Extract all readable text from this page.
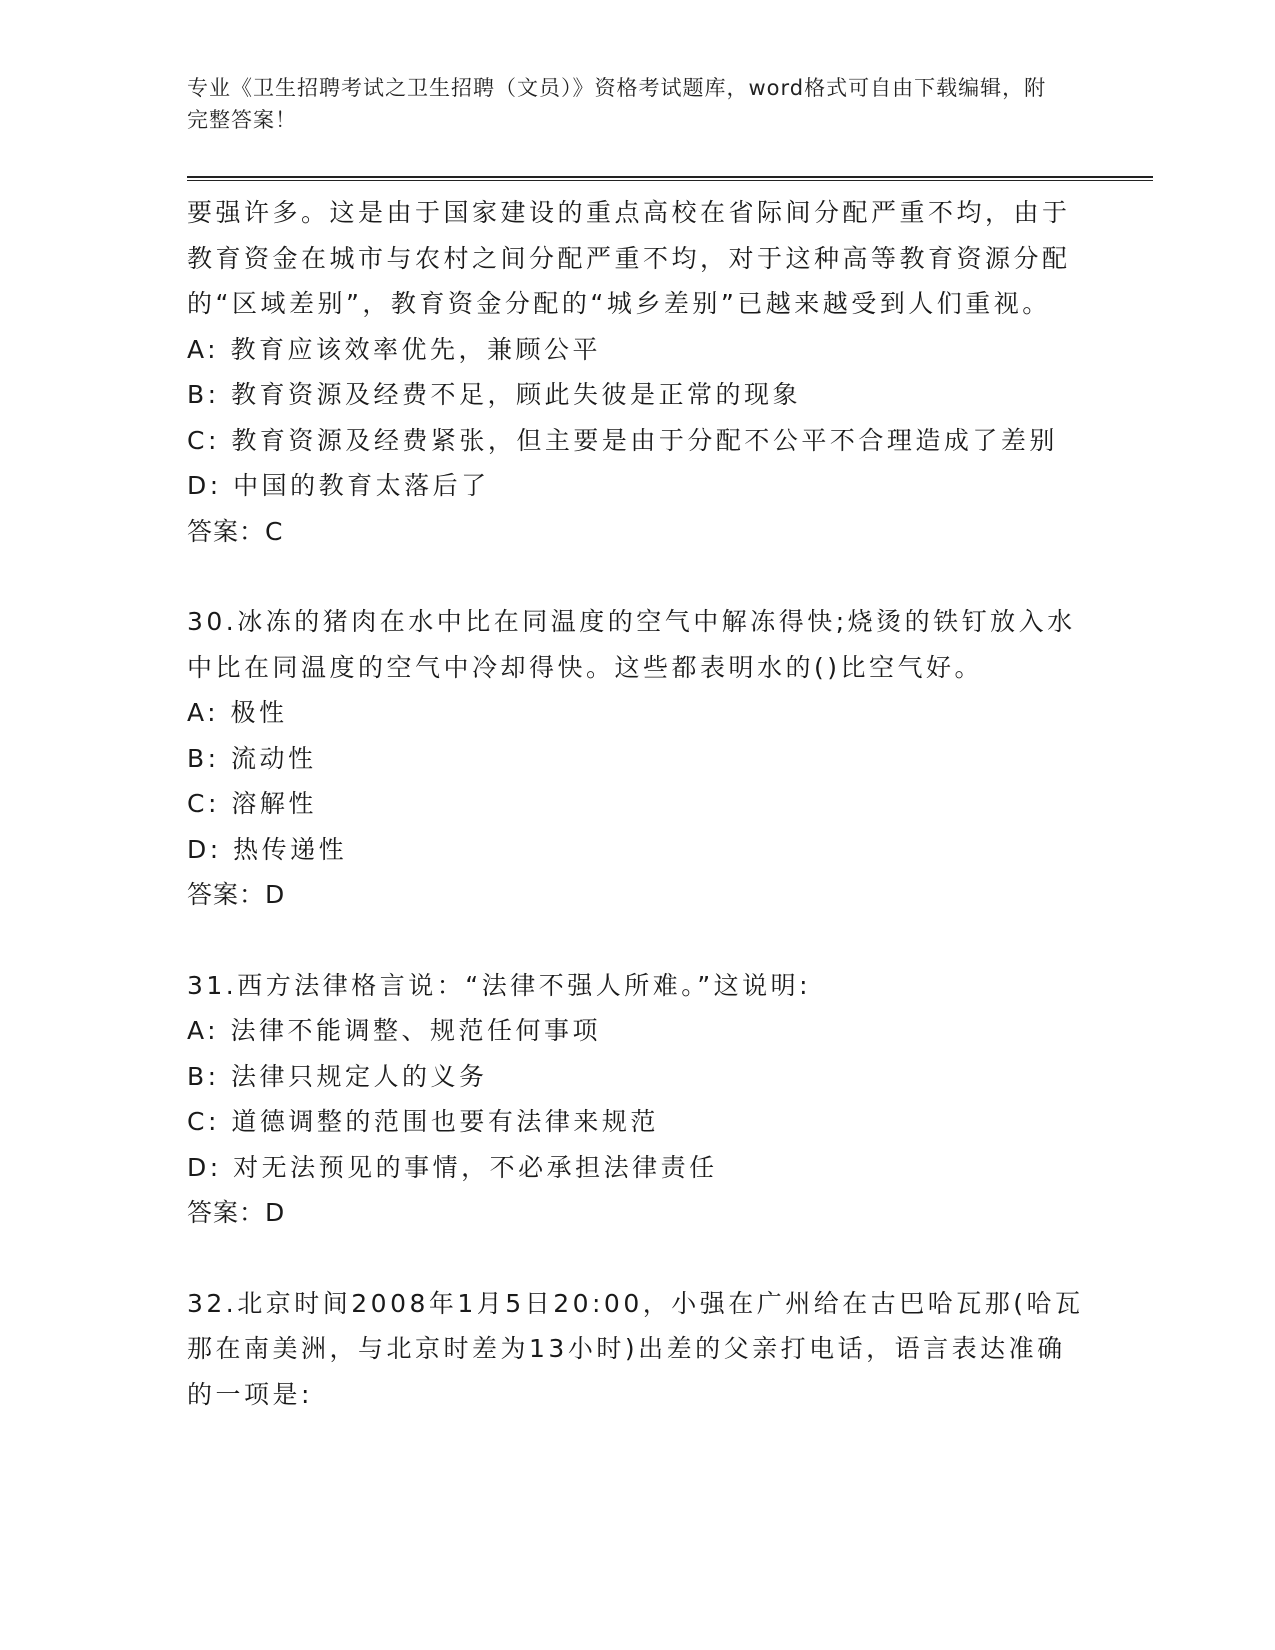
专业《卫生招聘考试之卫生招聘（文员）》资格考试题库，word格式可自由下载编辑，附完整答案！

要强许多。这是由于国家建设的重点高校在省际间分配严重不均，由于教育资金在城市与农村之间分配严重不均，对于这种高等教育资源分配的“区域差别”，教育资金分配的“城乡差别”已越来越受到人们重视。

A: 教育应该效率优先，兼顾公平
B: 教育资源及经费不足，顾此失彼是正常的现象
C: 教育资源及经费紧张，但主要是由于分配不公平不合理造成了差别
D: 中国的教育太落后了

答案：C

30.冰冻的猪肉在水中比在同温度的空气中解冻得快;烧烫的铁钉放入水中比在同温度的空气中冷却得快。这些都表明水的()比空气好。

A: 极性
B: 流动性
C: 溶解性
D: 热传递性

答案：D

31.西方法律格言说：“法律不强人所难。”这说明:

A: 法律不能调整、规范任何事项
B: 法律只规定人的义务
C: 道德调整的范围也要有法律来规范
D: 对无法预见的事情，不必承担法律责任

答案：D

32.北京时间2008年1月5日20:00，小强在广州给在古巴哈瓦那(哈瓦那在南美洲，与北京时差为13小时)出差的父亲打电话，语言表达准确的一项是:
